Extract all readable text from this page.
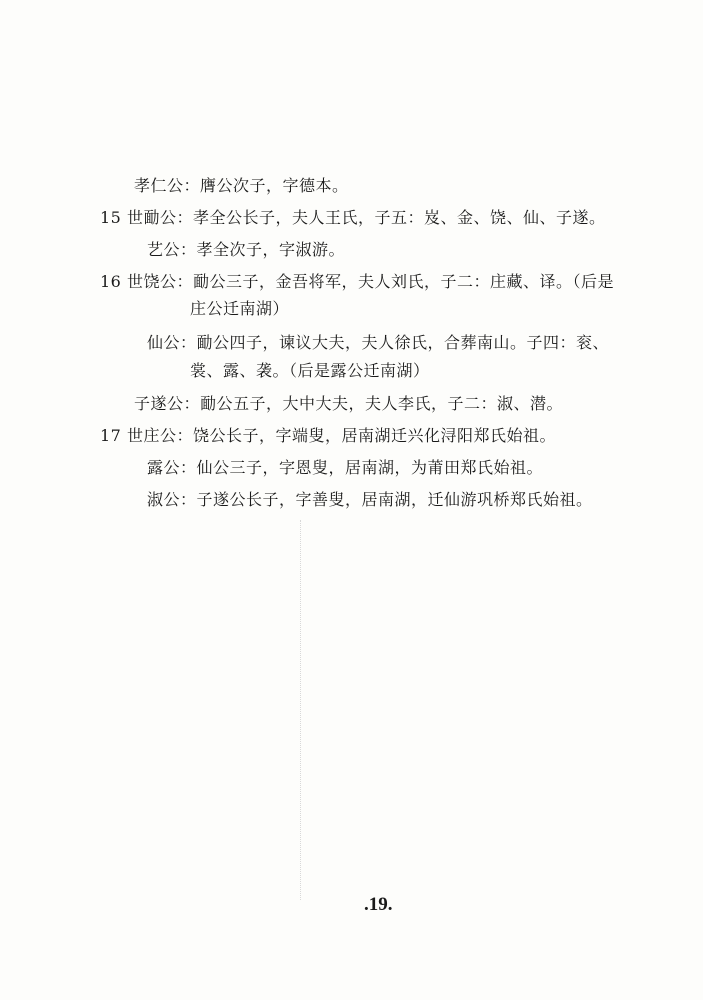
孝仁公：膺公次子，字德本。
15 世勔公：孝全公长子，夫人王氏，子五：岌、金、饶、仙、子遂。
艺公：孝全次子，字淑游。
16 世饶公：勔公三子，金吾将军，夫人刘氏，子二：庄藏、译。（后是
庄公迁南湖）
仙公：勔公四子，谏议大夫，夫人徐氏，合葬南山。子四：衮、
裳、露、袭。（后是露公迁南湖）
子遂公：勔公五子，大中大夫，夫人李氏，子二：淑、潜。
17 世庄公：饶公长子，字端叟，居南湖迁兴化浔阳郑氏始祖。
露公：仙公三子，字恩叟，居南湖，为莆田郑氏始祖。
淑公：子遂公长子，字善叟，居南湖，迁仙游巩桥郑氏始祖。
.19.
